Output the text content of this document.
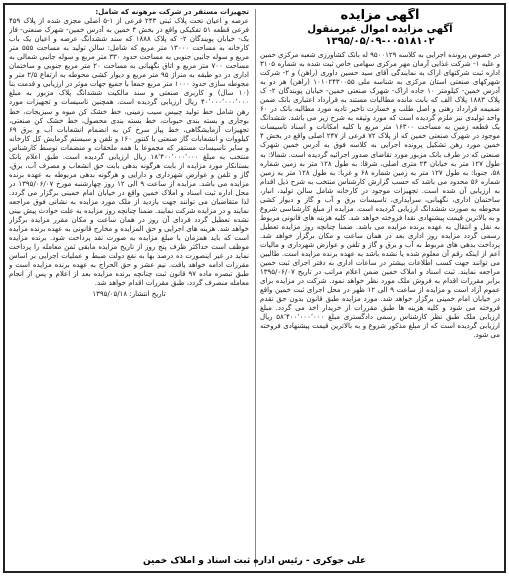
آگهی مزایده
آگهی مزایده اموال غیرمنقول
۱۳۹۵/۰۵/۰۹-۰۰۵۱۸۱۰۲

در خصوص پرونده اجرایی به کلاسه ۹۵۰۰۱۲۹ له بانک کشاورزی شعبه مرکزی خمین و علیه ۱- شرکت غذایی آرمان مهر مرکزی سهامی خاص ثبت شده به شماره ۳۱۰۵ اداره ثبت شرکتهای اراک به نمایندگی آقای سید حسین داوری (راهن) و ۲- شرکت شهرکهای صنعتی استان مرکزی به شناسه ملی ۱۰۱۰۲۴۳۰۰۵۵ (راهن) هر دو به آدرس خمین- کیلومتر ۱۰ جاده اراک- شهرک صنعتی خمین- خیابان پویندگان ۲- ک پلاک ۱۸۸۳ پلاک الف که بابت مانده مطالبات مستند به قرارداد اعتباری بانک ضمن ضمیمه قرارداد رهنی و اصل طلب و خسارت تاخیر تادیه مورد مطالبه بانک در ۶۰ واحد تولیدی نیز ملزم گردیده است که مورد وثیقه به شرح زیر می باشد. ششدانگ یک قطعه زمین به مساحت ۱۶۳۰۰ متر مربع با کلیه امکانات و اسناد تاسیسات موجود در شهرک صنعتی خمین که از پلاک ۷۲ فرعی از ۲۴۷ اصلی واقع در بخش ۴ خمین مورد رهن تشکیل پرونده اجرایی به کلاسه فوق به آدرس خمین شهرک صنعتی که در طرف بانک مزبور مورد تقاضای صدور اجرائیه گردیده است. شمالا: به طول ۱۲۷ متر به خیابان ۲۴ متری اصلی، شرقا: به طول ۱۲۸ متر به زمین شماره ۵۸، جنوبا: به طول ۱۲۷ متر به زمین شماره ۶۸ و غربا: به طول ۱۲۸ متر به زمین شماره ۵۶ محدود می باشد که حسب گزارش کارشناس منتخب به شرح ذیل اقدام به ارزیابی آن شده است. تجهیزات موجود در کارخانه شامل سالن تولید، انبار، ساختمان اداری، نگهبانی، سرایداری، تاسیسات برق و آب و گاز و دیوار کشی محوطه به صورت ششدانگ ارزیابی گردیده است. مزایده از مبلغ کارشناسی شروع و به بالاترین قیمت پیشنهادی نقدا فروخته خواهد شد. کلیه هزینه های قانونی مربوط به نقل و انتقال به عهده برنده مزایده می باشد. ضمنا چنانچه روز مزایده تعطیل رسمی گردد مزایده روز اداری بعد در همان ساعت و مکان برگزار خواهد شد. پرداخت بدهی های مربوط به آب و برق و گاز و تلفن و عوارض شهرداری و مالیات اعم از اینکه رقم آن معلوم شده یا نشده باشد به عهده برنده مزایده است. طالبین می توانند جهت کسب اطلاعات بیشتر در ساعات اداری به دفتر اجرای ثبت خمین مراجعه نمایند. ثبت اسناد و املاک خمین ضمن اعلام مراتب در تاریخ ۱۳۹۵/۰۶/۰۷ برابر مقررات اقدام به فروش ملک مورد نظر خواهد نمود. شرکت در مزایده برای عموم آزاد است و مزایده از ساعت ۹ الی ۱۲ ظهر در محل اجرای ثبت خمین واقع در خیابان امام خمینی برگزار خواهد شد. مورد مزایده طبق قانون بدون حق تقدم فروخته می شود و کلیه هزینه ها طبق مقررات از خریدار اخذ می گردد. مبلغ ارزیابی ملک طبق نظر کارشناس رسمی دادگستری مبلغ ۵۸٬۴۰۰٬۰۰۰٬۰۰۰ ریال ارزیابی گردیده است که از مبلغ مذکور شروع و به بالاترین قیمت پیشنهادی فروخته می شود.

تجهیزات مستقر در شرکت مرهونه که شامل:

عرصه و اعیان تحت پلاک ثبتی ۲۴۳ فرعی از ۱-۵ اصلی مجزی شده از پلاک ۴۵۹ فرعی قطعه ۵۱ تفکیکی واقع در بخش ۴ خمین به آدرس خمین- شهرک صنعتی- فاز یک- خیابان پویندگان ۲- که پلاک ۱۸۸۸ که سند ششدانگ عرصه و اعیان یک باب کارخانه به مساحت ۱۳۰۰۰ متر مربع که شامل: سالن تولید به مساحت ۵۵۵ متر مربع و سوله جانبی جنوبی به مساحت حدود ۳۳۰ متر مربع و سوله جانبی شمالی به مساحت ۷۰۰ متر مربع و اتاق نگهبانی به مساحت ۲۰ متر مربع جنوبی و ساختمان اداری در دو طبقه به متراژ ۹۵ متر مربع و دیوار کشی محوطه به ارتفاع ۲/۵ متر و محوطه سازی حدود ۱۰۰۰ متر مربع جمعا با جمیع جهات موثر در ارزیابی و قدمت بنا (۱۰ سال) و کاربری صنعتی و سند مالکیت ششدانگ پلاک مزبور به مبلغ ۴۰٬۰۰۰٬۰۰۰٬۰۰۰ ریال ارزیابی گردیده است. همچنین تاسیسات و تجهیزات مورد رهن شامل خط تولید چیپس سیب زمینی، خط خشک کن میوه و سبزیجات، خط بوجاری و بسته بندی حبوبات، خط بسته بندی محصول، خط خشک کن صنعتی، تجهیزات آزمایشگاهی، خط پیاز سرخ کن به انضمام انشعابات آب و برق ۶۹ کیلووات و انشعابات گاز صنعتی با کنتور ۱۶۰ و تلفن و سیستم گرمایش کل کارخانه و سایر تاسیسات مستقر که مجموعا با همه ملحقات و منضمات توسط کارشناس منتخب به مبلغ ۱۸٬۴۰۰٬۰۰۰٬۰۰۰ ریال ارزیابی گردیده است. طبق اعلام بانک بستانکار مورد مزایده از بابت هرگونه بدهی بابت حق انشعاب و مصرف آب، برق، گاز و تلفن و عوارض شهرداری و دارایی و هرگونه بدهی مربوطه به عهده برنده مزایده می باشد. مزایده از ساعت ۹ الی ۱۲ روز چهارشنبه مورخ ۱۳۹۵/۰۶/۰۷ در محل اداره ثبت اسناد و املاک خمین واقع در خیابان امام خمینی برگزار می گردد. لذا متقاضیان می توانند جهت بازدید از ملک مورد مزایده به نشانی فوق مراجعه نمایند و در مزایده شرکت نمایند. ضمنا چنانچه روز مزایده به علت حوادث پیش بینی نشده تعطیل گردد فردای آن روز در همان ساعت و مکان مقرر مزایده برگزار خواهد شد. هزینه های اجرایی و حق المزایده و مخارج قانونی به عهده برنده مزایده است که باید همزمان با مبلغ مزایده به صورت نقد پرداخت شود. برنده مزایده موظف است حداکثر ظرف پنج روز از تاریخ مزایده مابقی ثمن معامله را پرداخت نماید در غیر اینصورت ده درصد بها به نفع دولت ضبط و عملیات اجرایی بر اساس مقررات ادامه خواهد یافت. نیم عشر و حق الحراج به عهده برنده مزایده است و طبق تبصره ماده ۹۷ قانون ثبت چنانچه برنده مزایده بعد از اعلام و پس از انجام معامله منصرف گردد، طبق مقررات اقدام خواهد شد.

تاریخ انتشار: ۱۳۹۵/۰۵/۱۸
علی جوکری - رئیس اداره ثبت اسناد و املاک خمین
